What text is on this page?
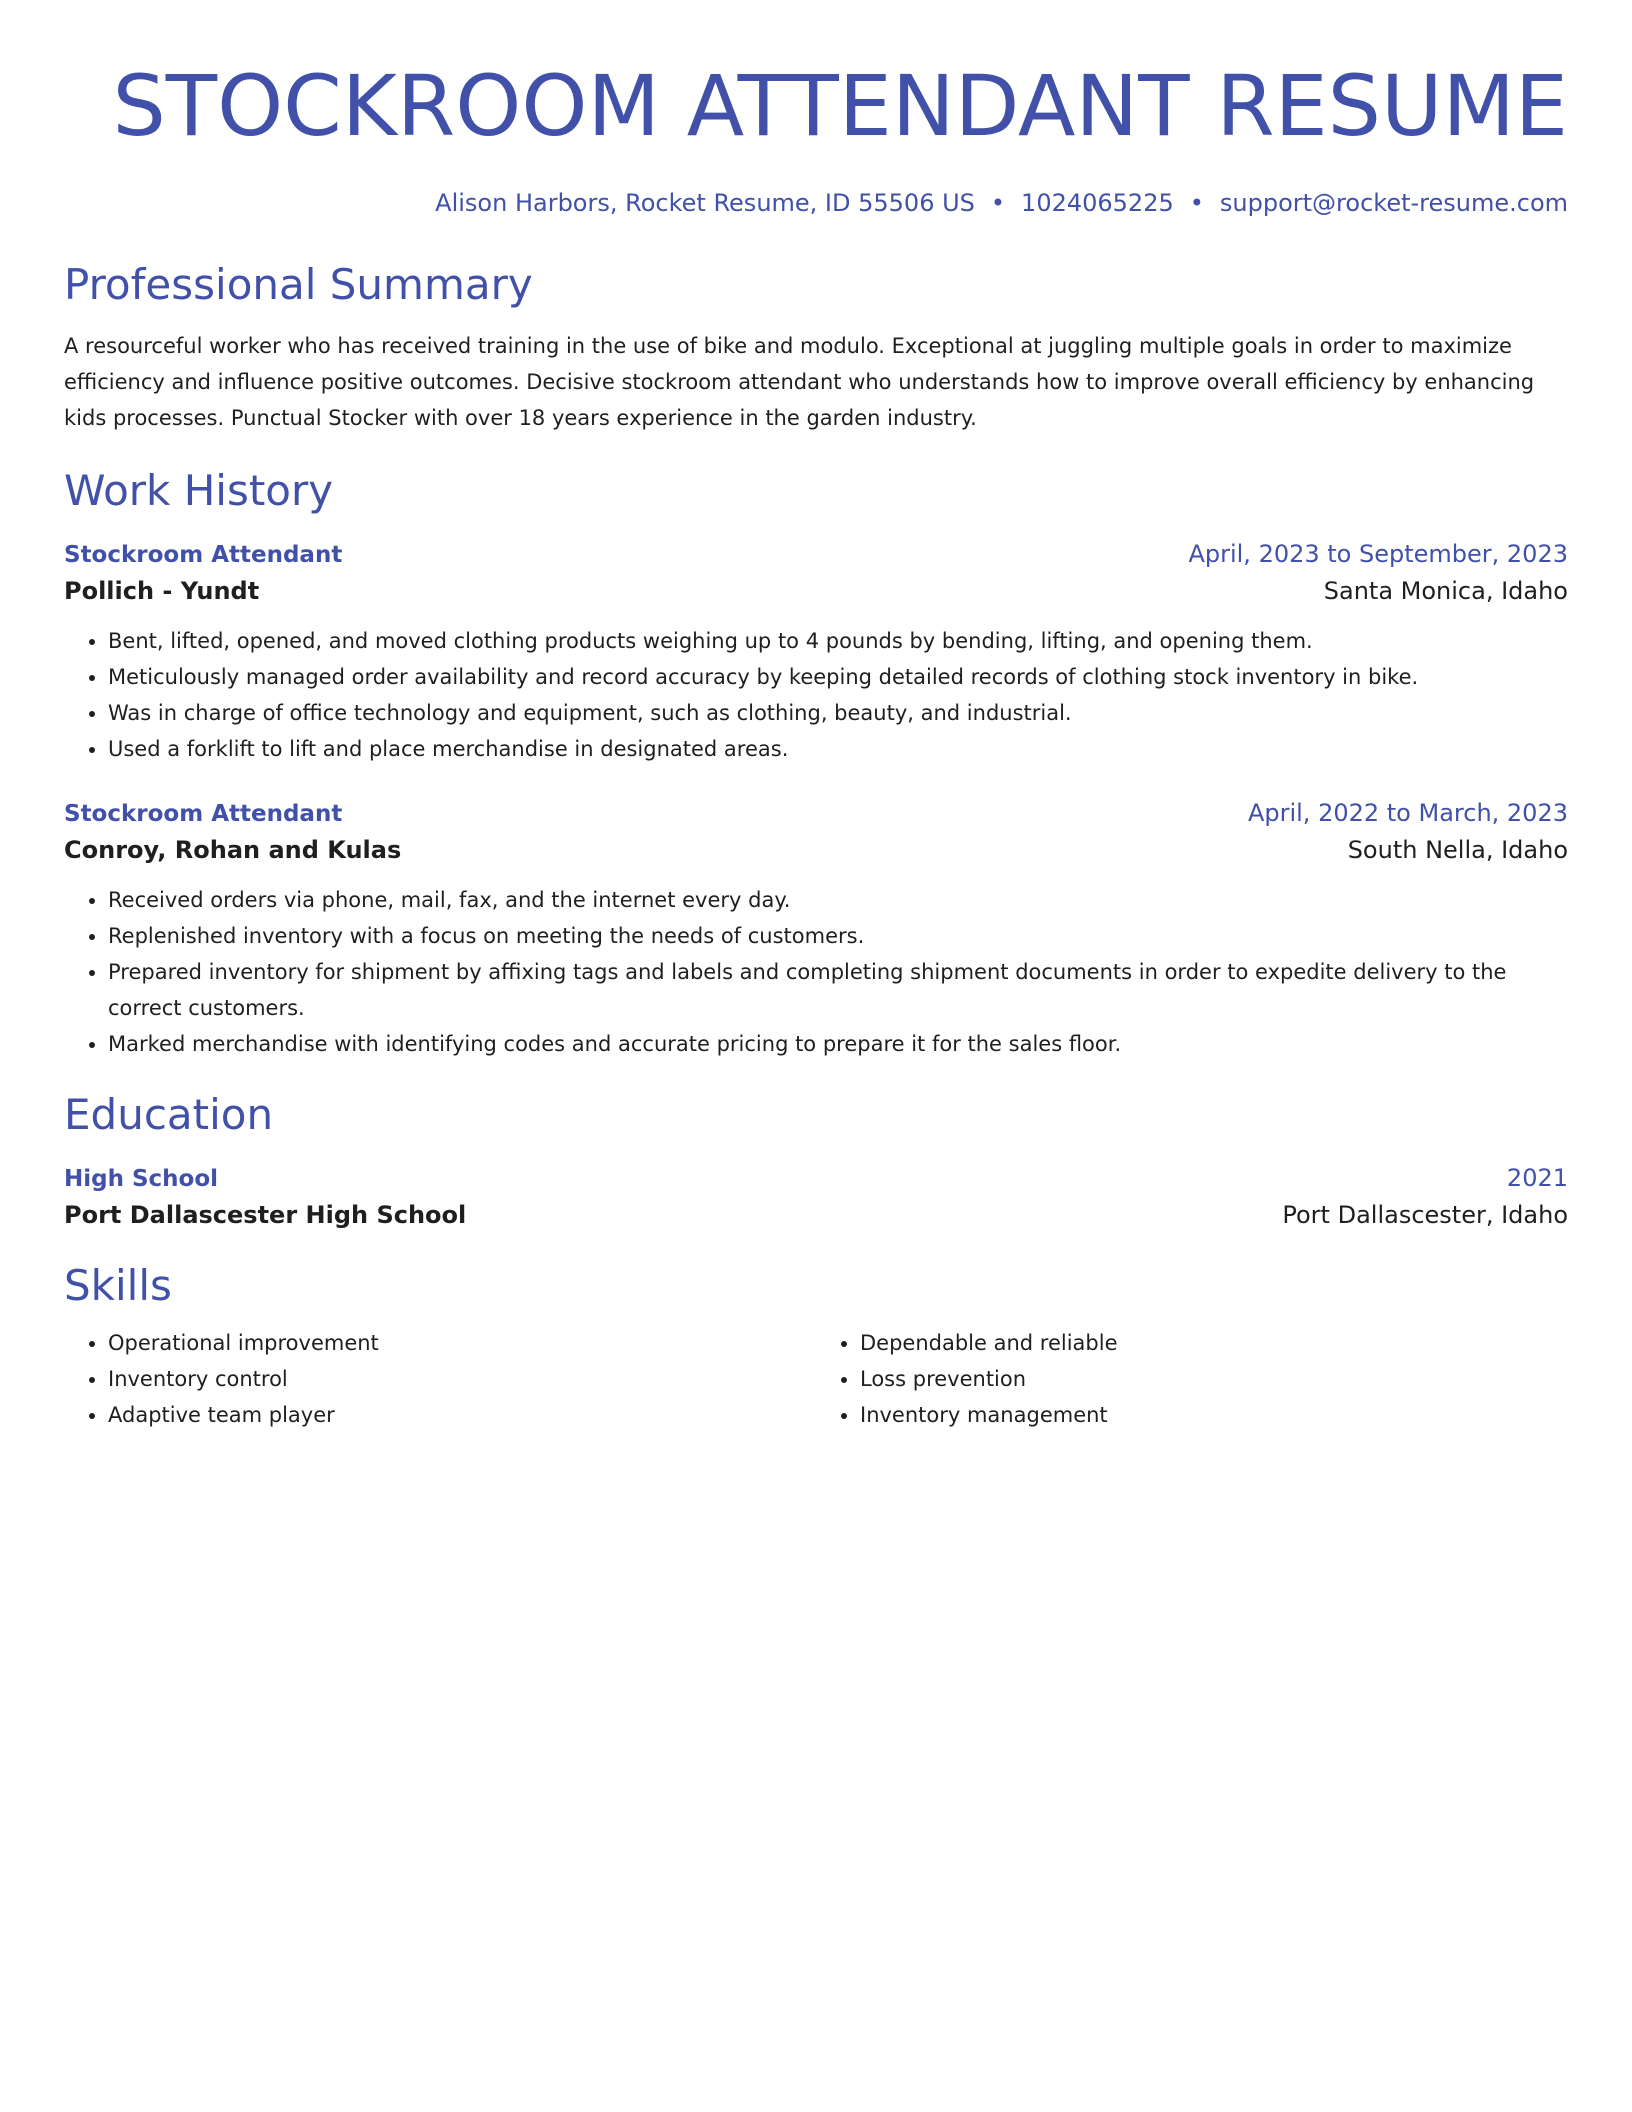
STOCKROOM ATTENDANT RESUME
Alison Harbors, Rocket Resume, ID 55506 US • 1024065225 • support@rocket-resume.com
Professional Summary

A resourceful worker who has received training in the use of bike and modulo. Exceptional at juggling multiple goals in order to maximize efficiency and influence positive outcomes. Decisive stockroom attendant who understands how to improve overall efficiency by enhancing kids processes. Punctual Stocker with over 18 years experience in the garden industry.

Work History
Stockroom Attendant	April, 2023 to September, 2023
Pollich - Yundt	Santa Monica, Idaho
• Bent, lifted, opened, and moved clothing products weighing up to 4 pounds by bending, lifting, and opening them.
• Meticulously managed order availability and record accuracy by keeping detailed records of clothing stock inventory in bike.
• Was in charge of office technology and equipment, such as clothing, beauty, and industrial.
• Used a forklift to lift and place merchandise in designated areas.
Stockroom Attendant	April, 2022 to March, 2023
Conroy, Rohan and Kulas	South Nella, Idaho
• Received orders via phone, mail, fax, and the internet every day.
• Replenished inventory with a focus on meeting the needs of customers.
• Prepared inventory for shipment by affixing tags and labels and completing shipment documents in order to expedite delivery to the correct customers.
• Marked merchandise with identifying codes and accurate pricing to prepare it for the sales floor.
Education
High School	2021
Port Dallascester High School	Port Dallascester, Idaho
Skills
• Operational improvement
• Inventory control
• Adaptive team player
• Dependable and reliable
• Loss prevention
• Inventory management
